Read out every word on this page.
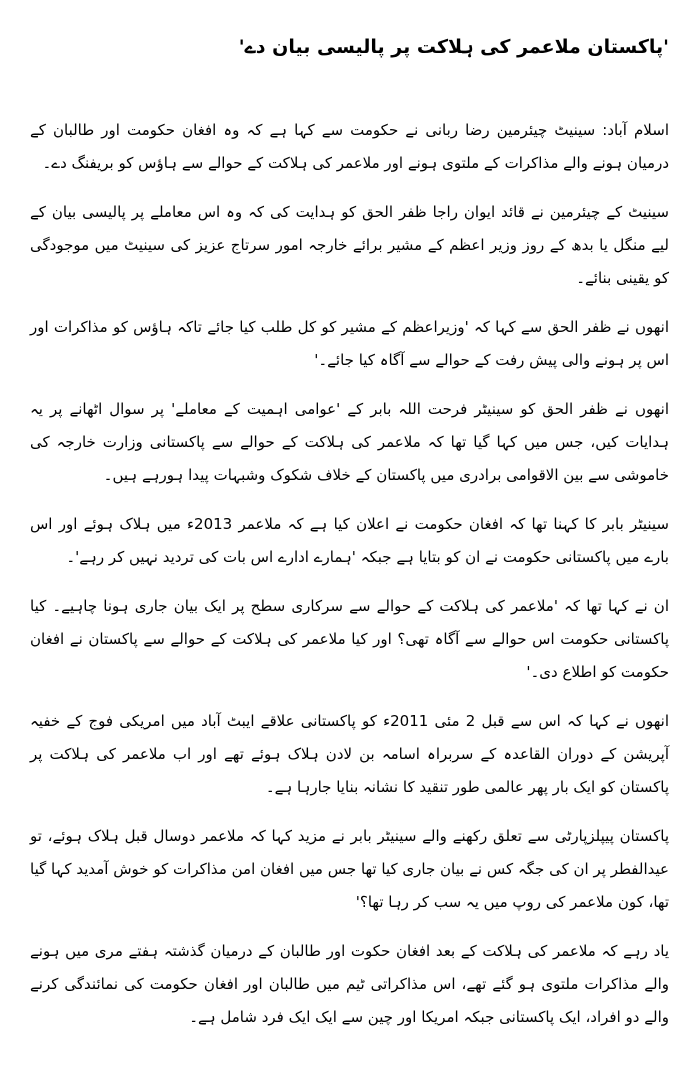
'پاکستان ملاعمر کی ہلاکت پر پالیسی بیان دے'

اسلام آباد: سینیٹ چیئرمین رضا ربانی نے حکومت سے کہا ہے کہ وہ افغان حکومت اور طالبان کے درمیان ہونے والے مذاکرات کے ملتوی ہونے اور ملاعمر کی ہلاکت کے حوالے سے ہاؤس کو بریفنگ دے۔

سینیٹ کے چیئرمین نے قائد ایوان راجا ظفر الحق کو ہدایت کی کہ وہ اس معاملے پر پالیسی بیان کے لیے منگل یا بدھ کے روز وزیر اعظم کے مشیر برائے خارجہ امور سرتاج عزیز کی سینیٹ میں موجودگی کو یقینی بنائے۔

انھوں نے ظفر الحق سے کہا کہ 'وزیراعظم کے مشیر کو کل طلب کیا جائے تاکہ ہاؤس کو مذاکرات اور اس پر ہونے والی پیش رفت کے حوالے سے آگاہ کیا جائے۔'

انھوں نے ظفر الحق کو سینیٹر فرحت اللہ بابر کے 'عوامی اہمیت کے معاملے' پر سوال اٹھانے پر یہ ہدایات کیں، جس میں کہا گیا تھا کہ ملاعمر کی ہلاکت کے حوالے سے پاکستانی وزارت خارجہ کی خاموشی سے بین الاقوامی برادری میں پاکستان کے خلاف شکوک وشبہات پیدا ہورہے ہیں۔

سینیٹر بابر کا کہنا تھا کہ افغان حکومت نے اعلان کیا ہے کہ ملاعمر 2013ء میں ہلاک ہوئے اور اس بارے میں پاکستانی حکومت نے ان کو بتایا ہے جبکہ 'ہمارے ادارے اس بات کی تردید نہیں کر رہے'۔

ان نے کہا تھا کہ 'ملاعمر کی ہلاکت کے حوالے سے سرکاری سطح پر ایک بیان جاری ہونا چاہیے۔ کیا پاکستانی حکومت اس حوالے سے آگاہ تھی؟ اور کیا ملاعمر کی ہلاکت کے حوالے سے پاکستان نے افغان حکومت کو اطلاع دی۔'

انھوں نے کہا کہ اس سے قبل 2 مئی 2011ء کو پاکستانی علاقے ایبٹ آباد میں امریکی فوج کے خفیہ آپریشن کے دوران القاعدہ کے سربراہ اسامہ بن لادن ہلاک ہوئے تھے اور اب ملاعمر کی ہلاکت پر پاکستان کو ایک بار پھر عالمی طور تنقید کا نشانہ بنایا جارہا ہے۔

پاکستان پیپلزپارٹی سے تعلق رکھنے والے سینیٹر بابر نے مزید کہا کہ ملاعمر دوسال قبل ہلاک ہوئے، تو عیدالفطر پر ان کی جگہ کس نے بیان جاری کیا تھا جس میں افغان امن مذاکرات کو خوش آمدید کہا گیا تھا، کون ملاعمر کی روپ میں یہ سب کر رہا تھا؟'

یاد رہے کہ ملاعمر کی ہلاکت کے بعد افغان حکوت اور طالبان کے درمیان گذشتہ ہفتے مری میں ہونے والے مذاکرات ملتوی ہو گئے تھے، اس مذاکراتی ٹیم میں طالبان اور افغان حکومت کی نمائندگی کرنے والے دو افراد، ایک پاکستانی جبکہ امریکا اور چین سے ایک ایک فرد شامل ہے۔
